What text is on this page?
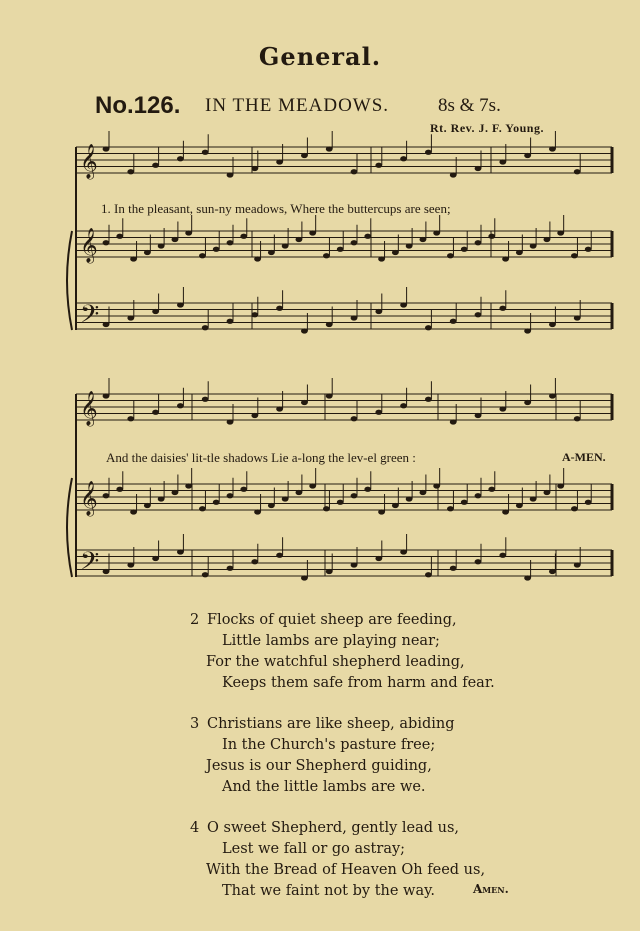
General.
No.126. IN THE MEADOWS.	8s & 7s.
Rt. Rev. J. F. Young.
𝄞
𝄞
𝄢
𝄞
𝄞
𝄢
1. In the pleasant, sun-ny meadows, Where the buttercups are seen;
And the daisies' lit-tle shadows Lie a-long the lev-el green :	A-MEN.
2 Flocks of quiet sheep are feeding,
Little lambs are playing near;
For the watchful shepherd leading,
Keeps them safe from harm and fear.
3 Christians are like sheep, abiding
In the Church's pasture free;
Jesus is our Shepherd guiding,
And the little lambs are we.
4 O sweet Shepherd, gently lead us,
Lest we fall or go astray;
With the Bread of Heaven Oh feed us,
That we faint not by the way.	Amen.
